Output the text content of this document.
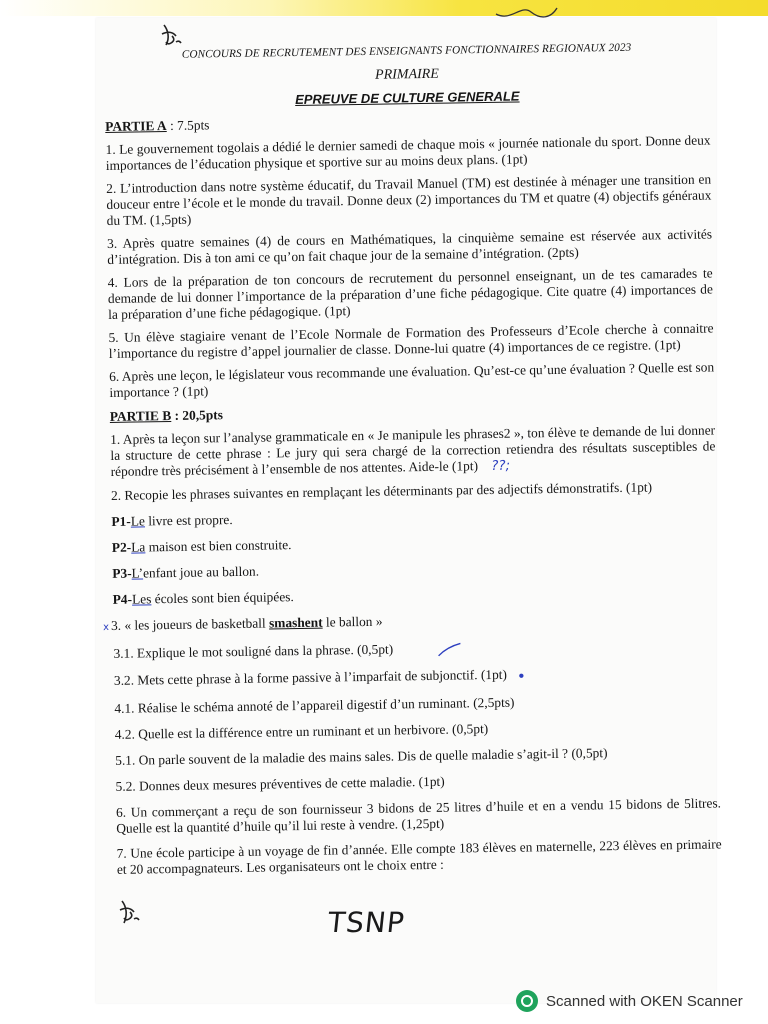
CONCOURS DE RECRUTEMENT DES ENSEIGNANTS FONCTIONNAIRES REGIONAUX 2023
PRIMAIRE
EPREUVE DE CULTURE GENERALE
PARTIE A : 7.5pts
1. Le gouvernement togolais a dédié le dernier samedi de chaque mois « journée nationale du sport. Donne deux importances de l’éducation physique et sportive sur au moins deux plans. (1pt)
2. L’introduction dans notre système éducatif, du Travail Manuel (TM) est destinée à ménager une transition en douceur entre l’école et le monde du travail. Donne deux (2) importances du TM et quatre (4) objectifs généraux du TM. (1,5pts)
3. Après quatre semaines (4) de cours en Mathématiques, la cinquième semaine est réservée aux activités d’intégration. Dis à ton ami ce qu’on fait chaque jour de la semaine d’intégration. (2pts)
4. Lors de la préparation de ton concours de recrutement du personnel enseignant, un de tes camarades te demande de lui donner l’importance de la préparation d’une fiche pédagogique. Cite quatre (4) importances de la préparation d’une fiche pédagogique. (1pt)
5. Un élève stagiaire venant de l’Ecole Normale de Formation des Professeurs d’Ecole cherche à connaitre l’importance du registre d’appel journalier de classe. Donne-lui quatre (4) importances de ce registre. (1pt)
6. Après une leçon, le législateur vous recommande une évaluation. Qu’est-ce qu’une évaluation ? Quelle est son importance ? (1pt)
PARTIE B : 20,5pts
1. Après ta leçon sur l’analyse grammaticale en « Je manipule les phrases2 », ton élève te demande de lui donner la structure de cette phrase : Le jury qui sera chargé de la correction retiendra des résultats susceptibles de répondre très précisément à l’ensemble de nos attentes. Aide-le (1pt) ??;
2. Recopie les phrases suivantes en remplaçant les déterminants par des adjectifs démonstratifs. (1pt)
P1-Le livre est propre.
P2-La maison est bien construite.
P3-L’enfant joue au ballon.
P4-Les écoles sont bien équipées.
x 3. « les joueurs de basketball smashent le ballon »
3.1. Explique le mot souligné dans la phrase. (0,5pt)
3.2. Mets cette phrase à la forme passive à l’imparfait de subjonctif. (1pt) ●
4.1. Réalise le schéma annoté de l’appareil digestif d’un ruminant. (2,5pts)
4.2. Quelle est la différence entre un ruminant et un herbivore. (0,5pt)
5.1. On parle souvent de la maladie des mains sales. Dis de quelle maladie s’agit-il ? (0,5pt)
5.2. Donnes deux mesures préventives de cette maladie. (1pt)
6. Un commerçant a reçu de son fournisseur 3 bidons de 25 litres d’huile et en a vendu 15 bidons de 5litres. Quelle est la quantité d’huile qu’il lui reste à vendre. (1,25pt)
7. Une école participe à un voyage de fin d’année. Elle compte 183 élèves en maternelle, 223 élèves en primaire et 20 accompagnateurs. Les organisateurs ont le choix entre :
TSNP
Scanned with OKEN Scanner
